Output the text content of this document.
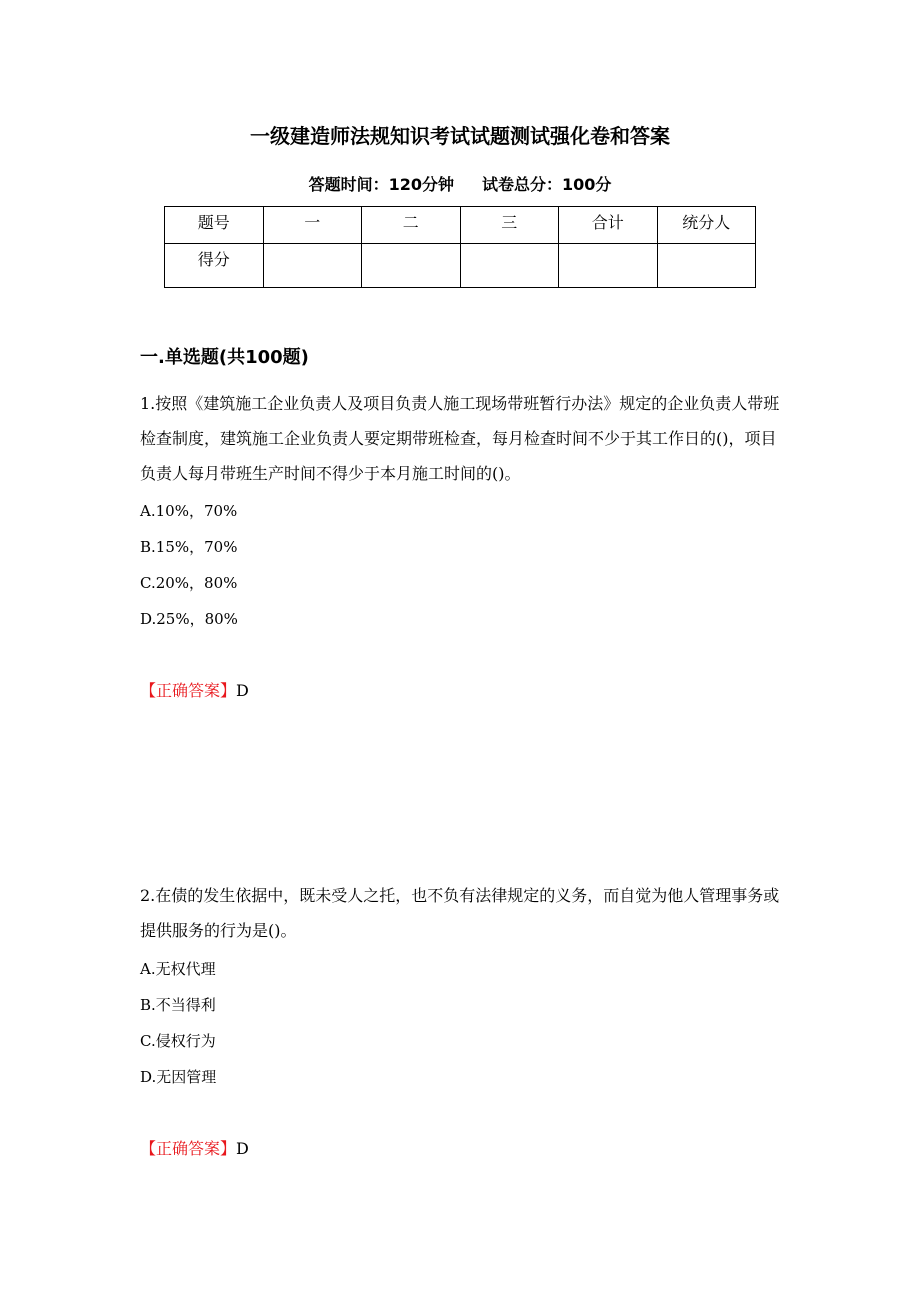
一级建造师法规知识考试试题测试强化卷和答案
答题时间：120分钟 试卷总分：100分
题号	一	二	三	合计	统分人
得分					
一.单选题(共100题)
1.按照《建筑施工企业负责人及项目负责人施工现场带班暂行办法》规定的企业负责人带班检查制度，建筑施工企业负责人要定期带班检查，每月检查时间不少于其工作日的()，项目负责人每月带班生产时间不得少于本月施工时间的()。
A.10%，70%
B.15%，70%
C.20%，80%
D.25%，80%
【正确答案】D
2.在债的发生依据中，既未受人之托，也不负有法律规定的义务，而自觉为他人管理事务或提供服务的行为是()。
A.无权代理
B.不当得利
C.侵权行为
D.无因管理
【正确答案】D
